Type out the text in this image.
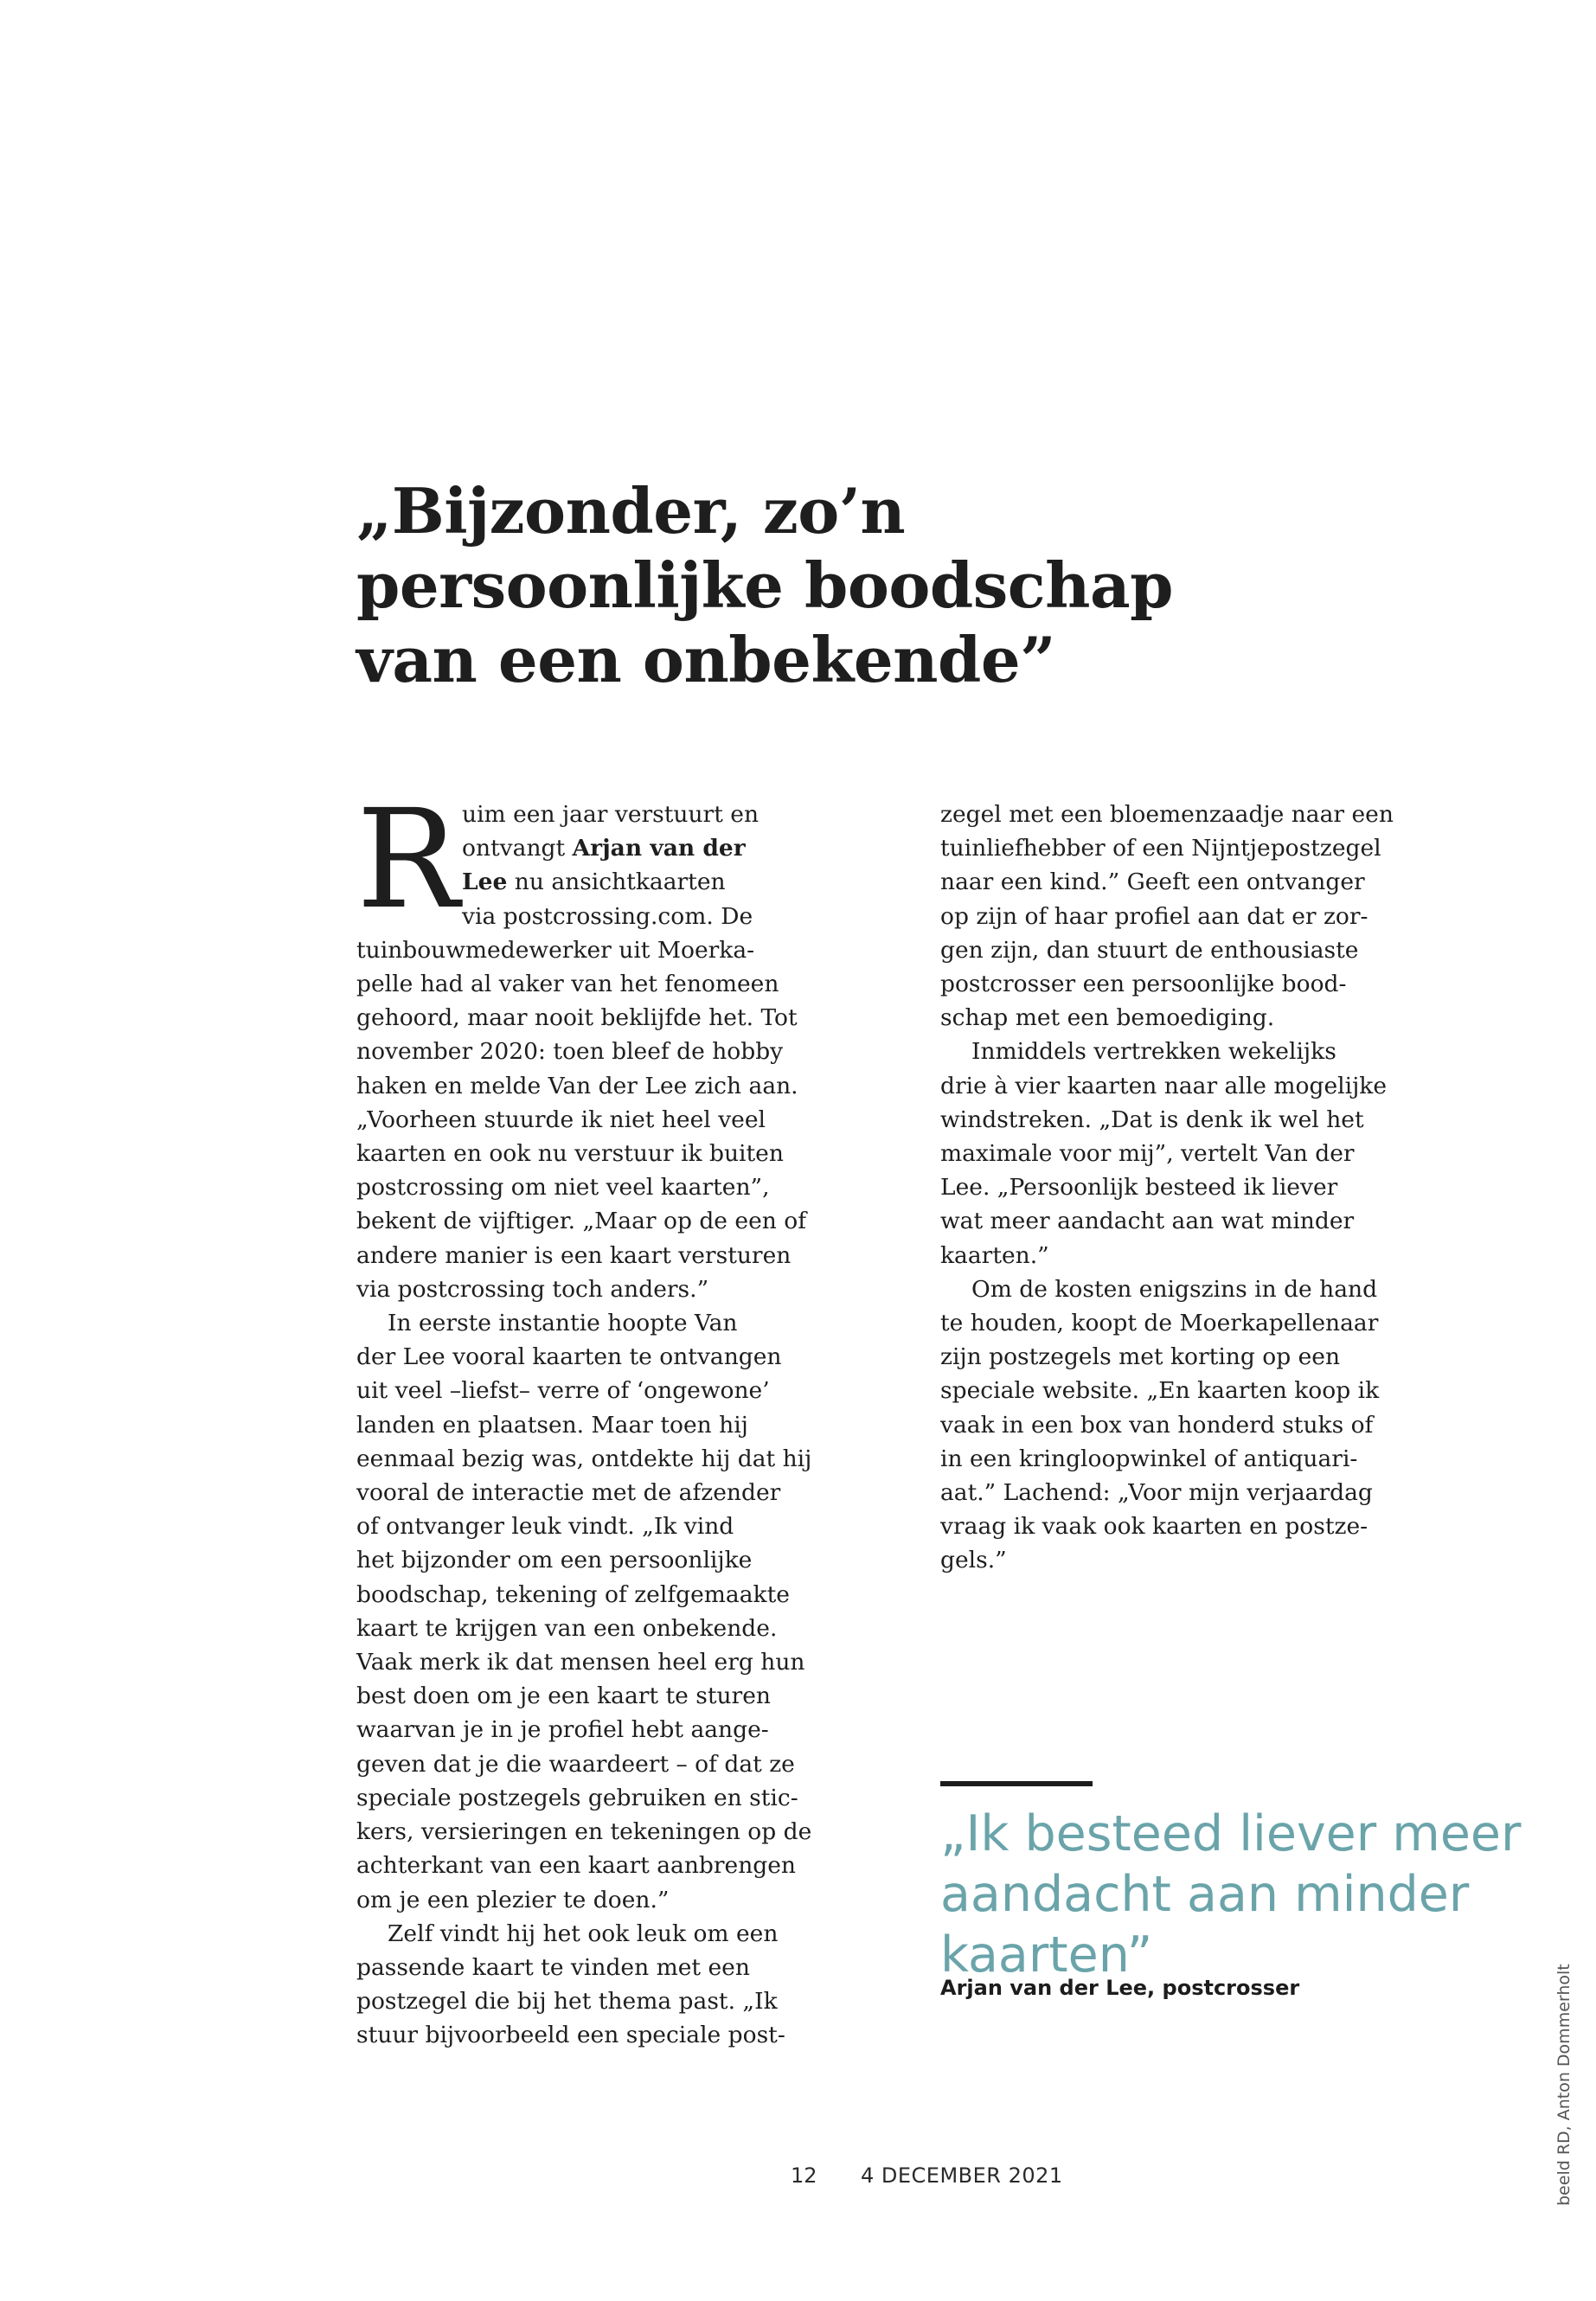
„Bijzonder, zo’n
persoonlijke boodschap
van een onbekende”
R uim een jaar verstuurt en
ontvangt Arjan van der
Lee nu ansichtkaarten
via postcrossing.com. De
tuinbouwmedewerker uit Moerka-
pelle had al vaker van het fenomeen
gehoord, maar nooit beklijfde het. Tot
november 2020: toen bleef de hobby
haken en melde Van der Lee zich aan.
„Voorheen stuurde ik niet heel veel
kaarten en ook nu verstuur ik buiten
postcrossing om niet veel kaarten”,
bekent de vijftiger. „Maar op de een of
andere manier is een kaart versturen
via postcrossing toch anders.”
In eerste instantie hoopte Van
der Lee vooral kaarten te ontvangen
uit veel –liefst– verre of ‘ongewone’
landen en plaatsen. Maar toen hij
eenmaal bezig was, ontdekte hij dat hij
vooral de interactie met de afzender
of ontvanger leuk vindt. „Ik vind
het bijzonder om een persoonlijke
boodschap, tekening of zelfgemaakte
kaart te krijgen van een onbekende.
Vaak merk ik dat mensen heel erg hun
best doen om je een kaart te sturen
waarvan je in je profiel hebt aange-
geven dat je die waardeert – of dat ze
speciale postzegels gebruiken en stic-
kers, versieringen en tekeningen op de
achterkant van een kaart aanbrengen
om je een plezier te doen.”
Zelf vindt hij het ook leuk om een
passende kaart te vinden met een
postzegel die bij het thema past. „Ik
stuur bijvoorbeeld een speciale post-
zegel met een bloemenzaadje naar een
tuinliefhebber of een Nijntjepostzegel
naar een kind.” Geeft een ontvanger
op zijn of haar profiel aan dat er zor-
gen zijn, dan stuurt de enthousiaste
postcrosser een persoonlijke bood-
schap met een bemoediging.
Inmiddels vertrekken wekelijks
drie à vier kaarten naar alle mogelijke
windstreken. „Dat is denk ik wel het
maximale voor mij”, vertelt Van der
Lee. „Persoonlijk besteed ik liever
wat meer aandacht aan wat minder
kaarten.”
Om de kosten enigszins in de hand
te houden, koopt de Moerkapellenaar
zijn postzegels met korting op een
speciale website. „En kaarten koop ik
vaak in een box van honderd stuks of
in een kringloopwinkel of antiquari-
aat.” Lachend: „Voor mijn verjaardag
vraag ik vaak ook kaarten en postze-
gels.”
„Ik besteed liever meer
aandacht aan minder
kaarten”
Arjan van der Lee, postcrosser
12 4 DECEMBER 2021	beeld RD, Anton Dommerholt
